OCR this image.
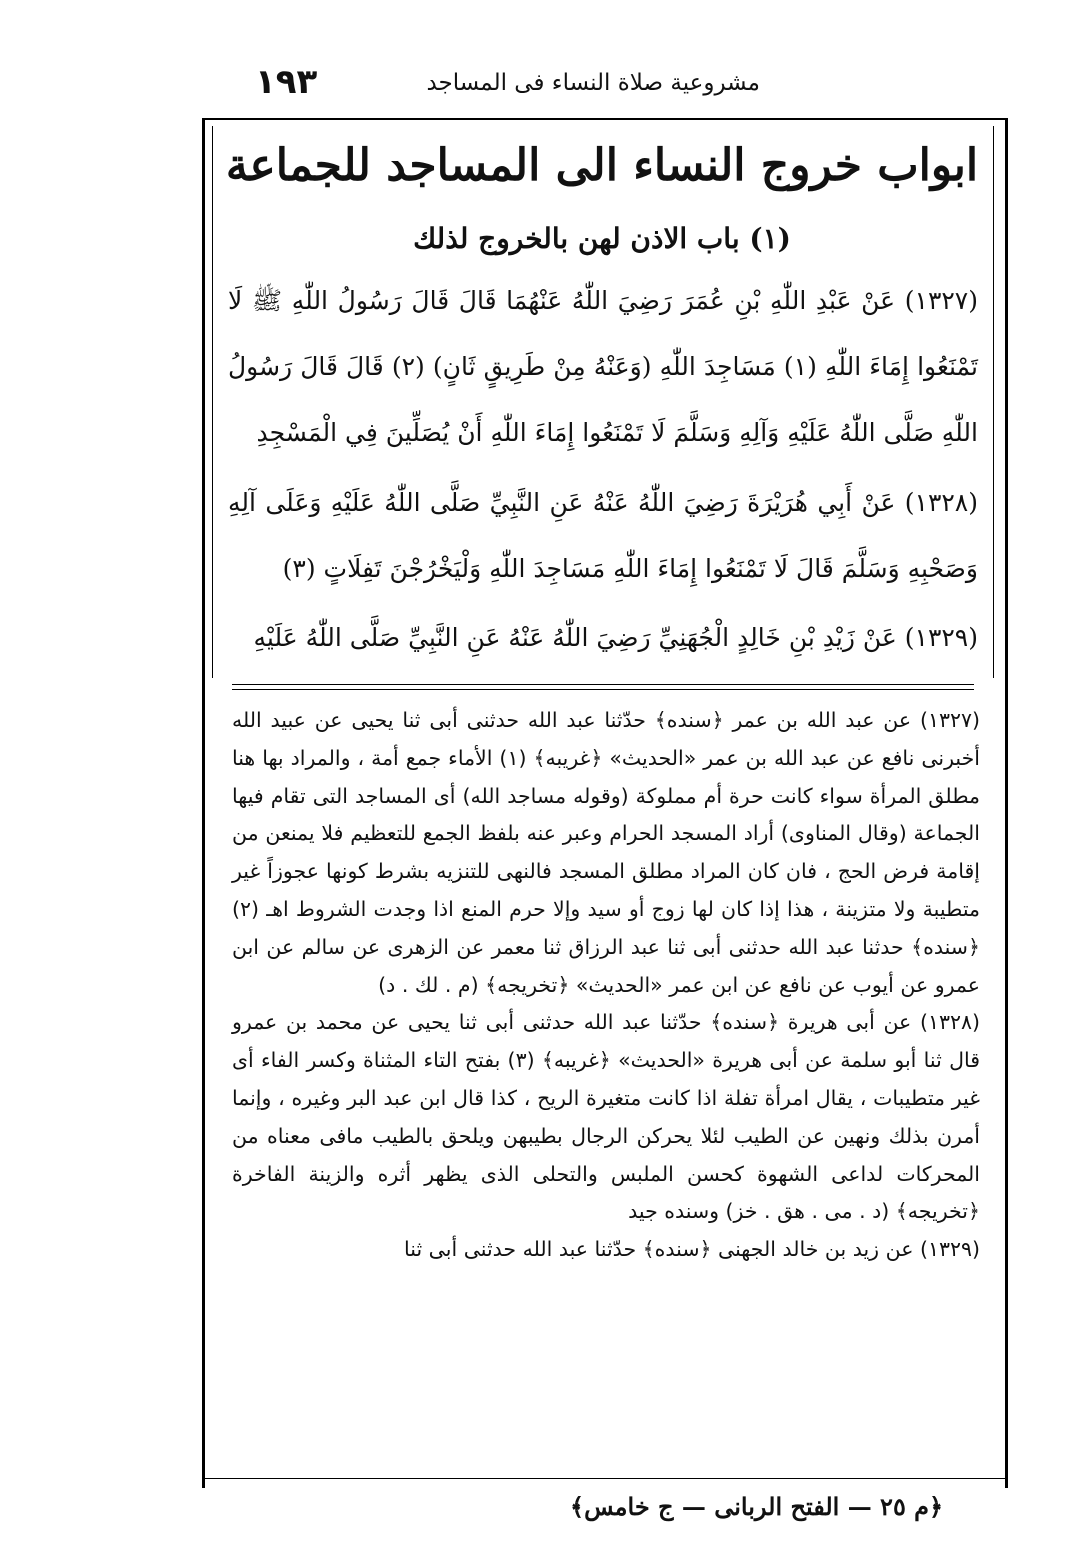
١٩٣	مشروعية صلاة النساء فى المساجد
ابواب خروج النساء الى المساجد للجماعة
(١) باب الاذن لهن بالخروج لذلك
(١٣٢٧) عَنْ عَبْدِ اللّٰهِ بْنِ عُمَرَ رَضِيَ اللّٰهُ عَنْهُمَا قَالَ قَالَ رَسُولُ اللّٰهِ ﷺ لَا تَمْنَعُوا إِمَاءَ اللّٰهِ (١) مَسَاجِدَ اللّٰهِ (وَعَنْهُ مِنْ طَرِيقٍ ثَانٍ) (٢) قَالَ قَالَ رَسُولُ اللّٰهِ صَلَّى اللّٰهُ عَلَيْهِ وَآلِهِ وَسَلَّمَ لَا تَمْنَعُوا إِمَاءَ اللّٰهِ أَنْ يُصَلِّينَ فِي الْمَسْجِدِ
(١٣٢٨) عَنْ أَبِي هُرَيْرَةَ رَضِيَ اللّٰهُ عَنْهُ عَنِ النَّبِيِّ صَلَّى اللّٰهُ عَلَيْهِ وَعَلَى آلِهِ وَصَحْبِهِ وَسَلَّمَ قَالَ لَا تَمْنَعُوا إِمَاءَ اللّٰهِ مَسَاجِدَ اللّٰهِ وَلْيَخْرُجْنَ تَفِلَاتٍ (٣)
(١٣٢٩) عَنْ زَيْدِ بْنِ خَالِدٍ الْجُهَنِيِّ رَضِيَ اللّٰهُ عَنْهُ عَنِ النَّبِيِّ صَلَّى اللّٰهُ عَلَيْهِ

(١٣٢٧) عن عبد الله بن عمر ﴿سنده﴾ حدّثنا عبد الله حدثنى أبى ثنا يحيى عن عبيد الله أخبرنى نافع عن عبد الله بن عمر «الحديث» ﴿غريبه﴾ (١) الأماء جمع أمة ، والمراد بها هنا مطلق المرأة سواء كانت حرة أم مملوكة (وقوله مساجد الله) أى المساجد التى تقام فيها الجماعة (وقال المناوى) أراد المسجد الحرام وعبر عنه بلفظ الجمع للتعظيم فلا يمنعن من إقامة فرض الحج ، فان كان المراد مطلق المسجد فالنهى للتنزيه بشرط كونها عجوزاً غير متطيبة ولا متزينة ، هذا إذا كان لها زوج أو سيد وإلا حرم المنع اذا وجدت الشروط اهـ (٢) ﴿سنده﴾ حدثنا عبد الله حدثنى أبى ثنا عبد الرزاق ثنا معمر عن الزهرى عن سالم عن ابن عمرو عن أيوب عن نافع عن ابن عمر «الحديث» ﴿تخريجه﴾ (م . لك . د)

(١٣٢٨) عن أبى هريرة ﴿سنده﴾ حدّثنا عبد الله حدثنى أبى ثنا يحيى عن محمد بن عمرو قال ثنا أبو سلمة عن أبى هريرة «الحديث» ﴿غريبه﴾ (٣) بفتح التاء المثناة وكسر الفاء أى غير متطيبات ، يقال امرأة تفلة اذا كانت متغيرة الريح ، كذا قال ابن عبد البر وغيره ، وإنما أمرن بذلك ونهين عن الطيب لئلا يحركن الرجال بطيبهن ويلحق بالطيب مافى معناه من المحركات لداعى الشهوة كحسن الملبس والتحلى الذى يظهر أثره والزينة الفاخرة ﴿تخريجه﴾ (د . مى . هق . خز) وسنده جيد

(١٣٢٩) عن زيد بن خالد الجهنى ﴿سنده﴾ حدّثنا عبد الله حدثنى أبى ثنا

﴿م ٢٥ — الفتح الربانى — ج خامس﴾
